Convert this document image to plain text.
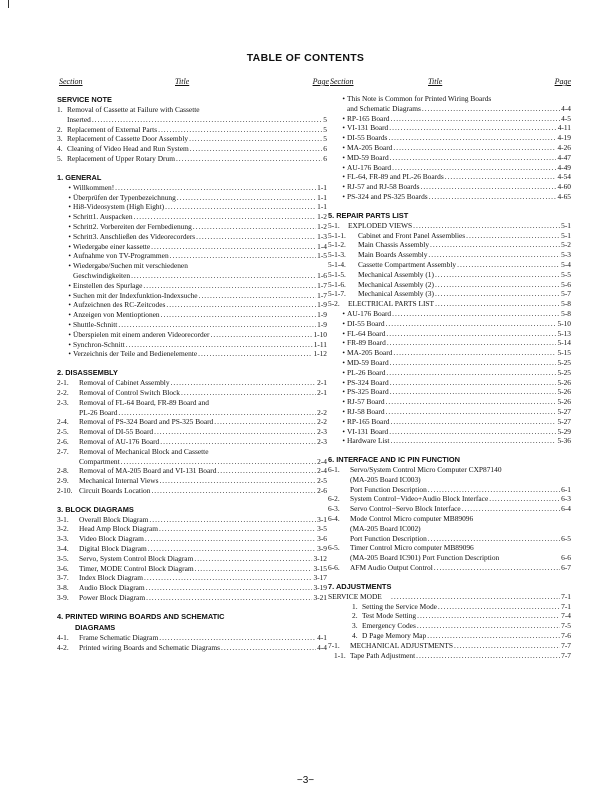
TABLE OF CONTENTS
Section	Title	Page
SERVICE NOTE
1. Removal of Cassette at Failure with Cassette
Inserted .....	5
2. Replacement of External Parts .....	5
3. Replacement of Cassette Door Assembly .....	5
4. Cleaning of Video Head and Run System .....	6
5. Replacement of Upper Rotary Drum .....	6
1. GENERAL
• Willkommen! .....	1-1
• Überprüfen der Typenbezeichnung .....	1-1
• Hi8-Videosystem (High Eight) .....	1-1
• Schritt1. Auspacken .....	1-2
• Schritt2. Vorbereiten der Fernbedienung .....	1-2
• Schritt3. Anschließen des Videorecorders .....	1-3
• Wiedergabe einer kassette .....	1-4
• Aufnahme von TV-Programmen .....	1-5
• Wiedergabe/Suchen mit verschiedenen
Geschwindigkeiten .....	1-6
• Einstellen des Spurlage .....	1-7
• Suchen mit der Indexfunktion-Indexsuche .....	1-7
• Aufzeichnen des RC-Zeitcodes .....	1-9
• Anzeigen von Mentioptionen .....	1-9
• Shuttle-Schnitt .....	1-9
• Überspielen mit einem anderen Videorecorder .....	1-10
• Synchron-Schnitt .....	1-11
• Verzeichnis der Teile and Bedienelemente .....	1-12
2. DISASSEMBLY
2-1.	Removal of Cabinet Assembly .....	2-1
2-2.	Removal of Control Switch Block .....	2-1
2-3.	Removal of FL-64 Board, FR-89 Board and
PL-26 Board .....	2-2
2-4.	Removal of PS-324 Board and PS-325 Board .....	2-2
2-5.	Removal of DI-55 Board .....	2-3
2-6.	Removal of AU-176 Board .....	2-3
2-7.	Removal of Mechanical Block and Cassette
Compartment .....	2-4
2-8.	Removal of MA-205 Board and VI-131 Board .....	2-4
2-9.	Mechanical Internal Views .....	2-5
2-10. Circuit Boards Location .....	2-6
3. BLOCK DIAGRAMS
3-1.	Overall Block Diagram .....	3-1
3-2.	Head Amp Block Diagram .....	3-5
3-3.	Video Block Diagram .....	3-6
3-4.	Digital Block Diagram .....	3-9
3-5.	Servo, System Control Block Diagram .....	3-12
3-6.	Timer, MODE Control Block Diagram .....	3-15
3-7.	Index Block Diagram .....	3-17
3-8.	Audio Block Diagram .....	3-19
3-9.	Power Block Diagram .....	3-21
4. PRINTED WIRING BOARDS AND SCHEMATIC
DIAGRAMS
4-1.	Frame Schematic Diagram .....	4-1
4-2.	Printed wiring Boards and Schematic Diagrams .....	4-4
Section	Title	Page
• This Note is Common for Printed Wiring Boards
and Schematic Diagrams .....	4-4
• RP-165 Board .....	4-5
• VI-131 Board .....	4-11
• DI-55 Boards .....	4-19
• MA-205 Board .....	4-26
• MD-59 Board .....	4-47
• AU-176 Board .....	4-49
• FL-64, FR-89 and PL-26 Boards .....	4-54
• RJ-57 and RJ-58 Boards .....	4-60
• PS-324 and PS-325 Boards .....	4-65
5. REPAIR PARTS LIST
5-1.	EXPLODED VIEWS .....	5-1
5-1-1.	Cabinet and Front Panel Assemblies .....	5-1
5-1-2.	Main Chassis Assembly .....	5-2
5-1-3.	Main Boards Assembly .....	5-3
5-1-4.	Cassette Compartment Assembly .....	5-4
5-1-5.	Mechanical Assembly (1) .....	5-5
5-1-6.	Mechanical Assembly (2) .....	5-6
5-1-7.	Mechanical Assembly (3) .....	5-7
5-2.	ELECTRICAL PARTS LIST .....	5-8
• AU-176 Board .....	5-8
• DI-55 Board .....	5-10
• FL-64 Board .....	5-13
• FR-89 Board .....	5-14
• MA-205 Board .....	5-15
• MD-59 Board .....	5-25
• PL-26 Board .....	5-25
• PS-324 Board .....	5-26
• PS-325 Board .....	5-26
• RJ-57 Board .....	5-26
• RJ-58 Board .....	5-27
• RP-165 Board .....	5-27
• VI-131 Board .....	5-29
• Hardware List .....	5-36
6. INTERFACE AND IC PIN FUNCTION
6-1.	Servo/System Control Micro Computer CXP87140
(MA-205 Board IC003)
Port Function Description .....	6-1
6-2.	System Control−Video+Audio Block Interface .....	6-3
6-3.	Servo Control−Servo Block Interface .....	6-4
6-4.	Mode Control Micro computer MB89096
(MA-205 Board IC002)
Port Function Description .....	6-5
6-5.	Timer Control Micro computer MB89096
(MA-205 Board IC901) Port Function Description	6-6
6-6.	AFM Audio Output Control .....	6-7
7. ADJUSTMENTS
SERVICE MODE .....	7-1
1. Setting the Service Mode .....	7-1
2. Test Mode Setting .....	7-4
3. Emergency Codes .....	7-5
4. D Page Memory Map .....	7-6
7-1.	MECHANICAL ADJUSTMENTS .....	7-7
1-1. Tape Path Adjustment .....	7-7
−3−
